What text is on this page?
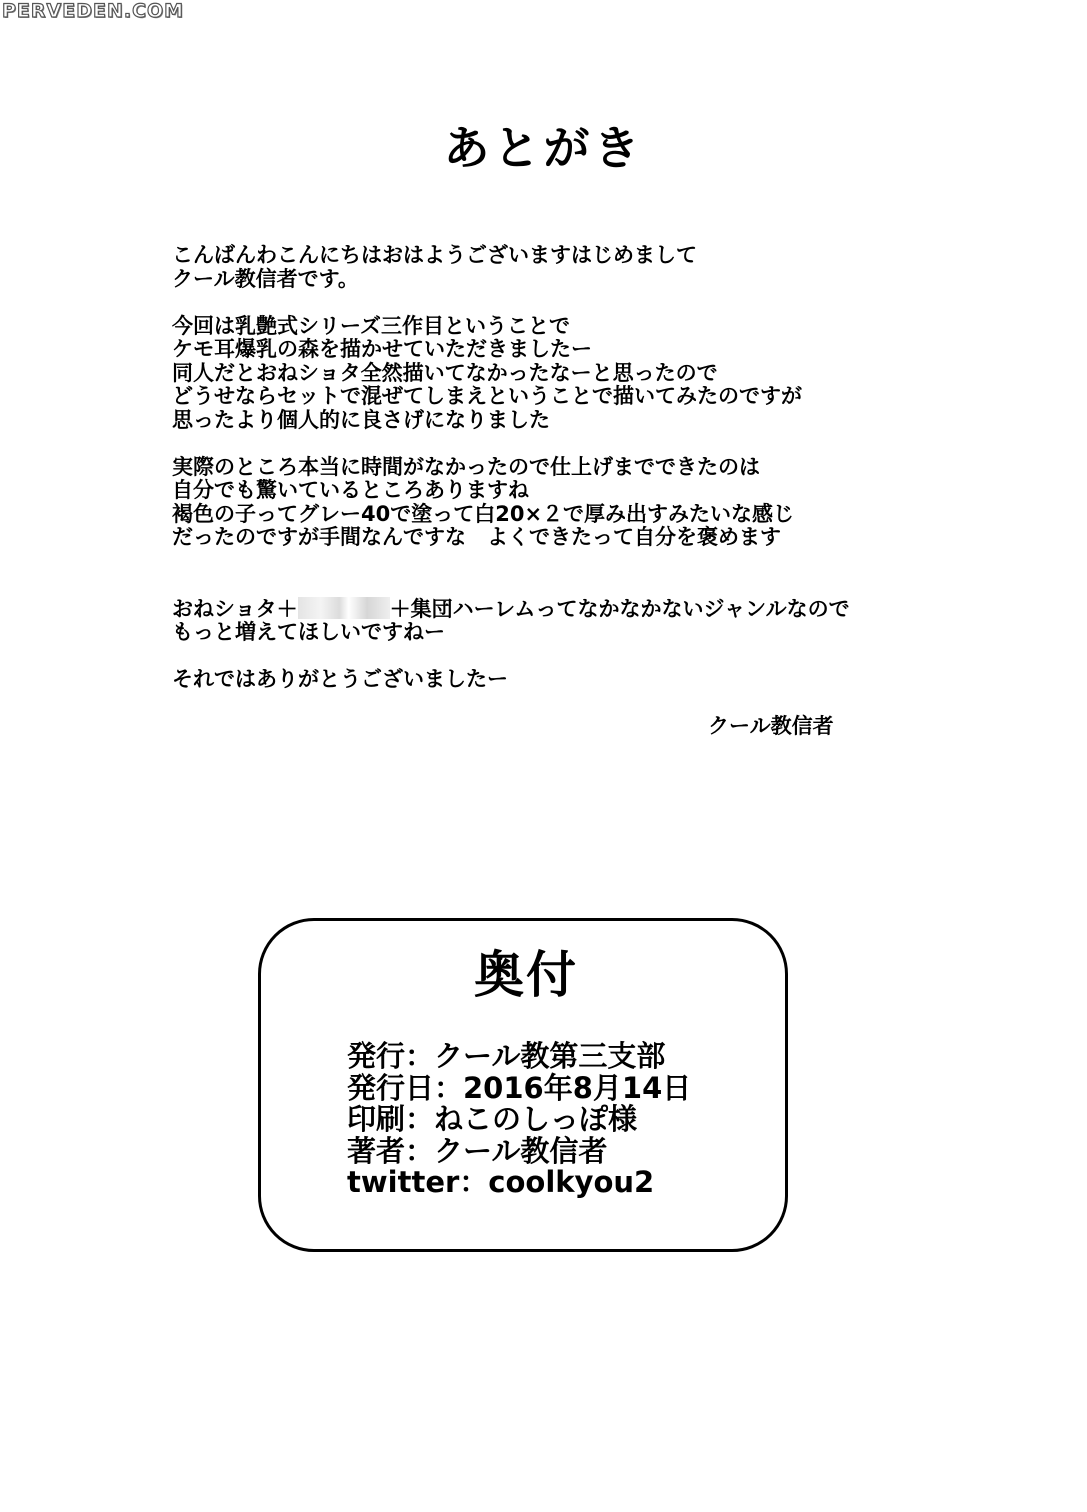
PERVEDEN.COM
あとがき
こんばんわこんにちはおはようございますはじめまして
クール教信者です。
今回は乳艶式シリーズ三作目ということで
ケモ耳爆乳の森を描かせていただきましたー
同人だとおねショタ全然描いてなかったなーと思ったので
どうせならセットで混ぜてしまえということで描いてみたのですが
思ったより個人的に良さげになりました
実際のところ本当に時間がなかったので仕上げまでできたのは
自分でも驚いているところありますね
褐色の子ってグレー40で塗って白20×２で厚み出すみたいな感じ
だったのですが手間なんですな　よくできたって自分を褒めます
おねショタ＋	＋集団ハーレムってなかなかないジャンルなので
もっと増えてほしいですねー
それではありがとうございましたー
クール教信者
奥付
発行：クール教第三支部
発行日：2016年8月14日
印刷：ねこのしっぽ様
著者：クール教信者
twitter：coolkyou2
